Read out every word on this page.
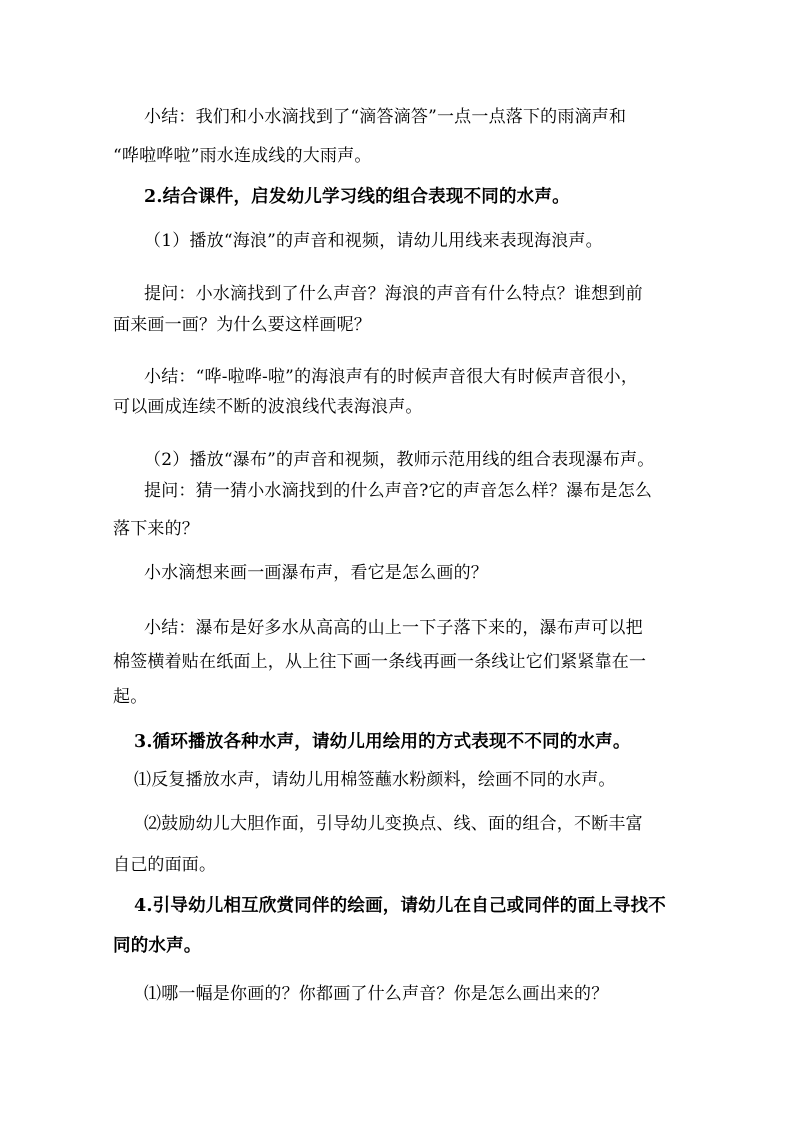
小结：我们和小水滴找到了“滴答滴答”一点一点落下的雨滴声和
“哗啦哗啦”雨水连成线的大雨声。
2.结合课件，启发幼儿学习线的组合表现不同的水声。
（1）播放“海浪”的声音和视频，请幼儿用线来表现海浪声。
提问：小水滴找到了什么声音？海浪的声音有什么特点？谁想到前
面来画一画？为什么要这样画呢？
小结：“哗-啦哗-啦”的海浪声有的时候声音很大有时候声音很小，
可以画成连续不断的波浪线代表海浪声。
（2）播放“瀑布”的声音和视频，教师示范用线的组合表现瀑布声。
提问：猜一猜小水滴找到的什么声音?它的声音怎么样？瀑布是怎么
落下来的？
小水滴想来画一画瀑布声，看它是怎么画的？
小结：瀑布是好多水从高高的山上一下子落下来的，瀑布声可以把
棉签横着贴在纸面上，从上往下画一条线再画一条线让它们紧紧靠在一
起。
3.循环播放各种水声，请幼儿用绘用的方式表现不不同的水声。
⑴反复播放水声，请幼儿用棉签蘸水粉颜料，绘画不同的水声。
⑵鼓励幼儿大胆作面，引导幼儿变换点、线、面的组合，不断丰富
自己的面面。
4.引导幼儿相互欣赏同伴的绘画，请幼儿在自己或同伴的面上寻找不
同的水声。
⑴哪一幅是你画的？你都画了什么声音？你是怎么画出来的？
